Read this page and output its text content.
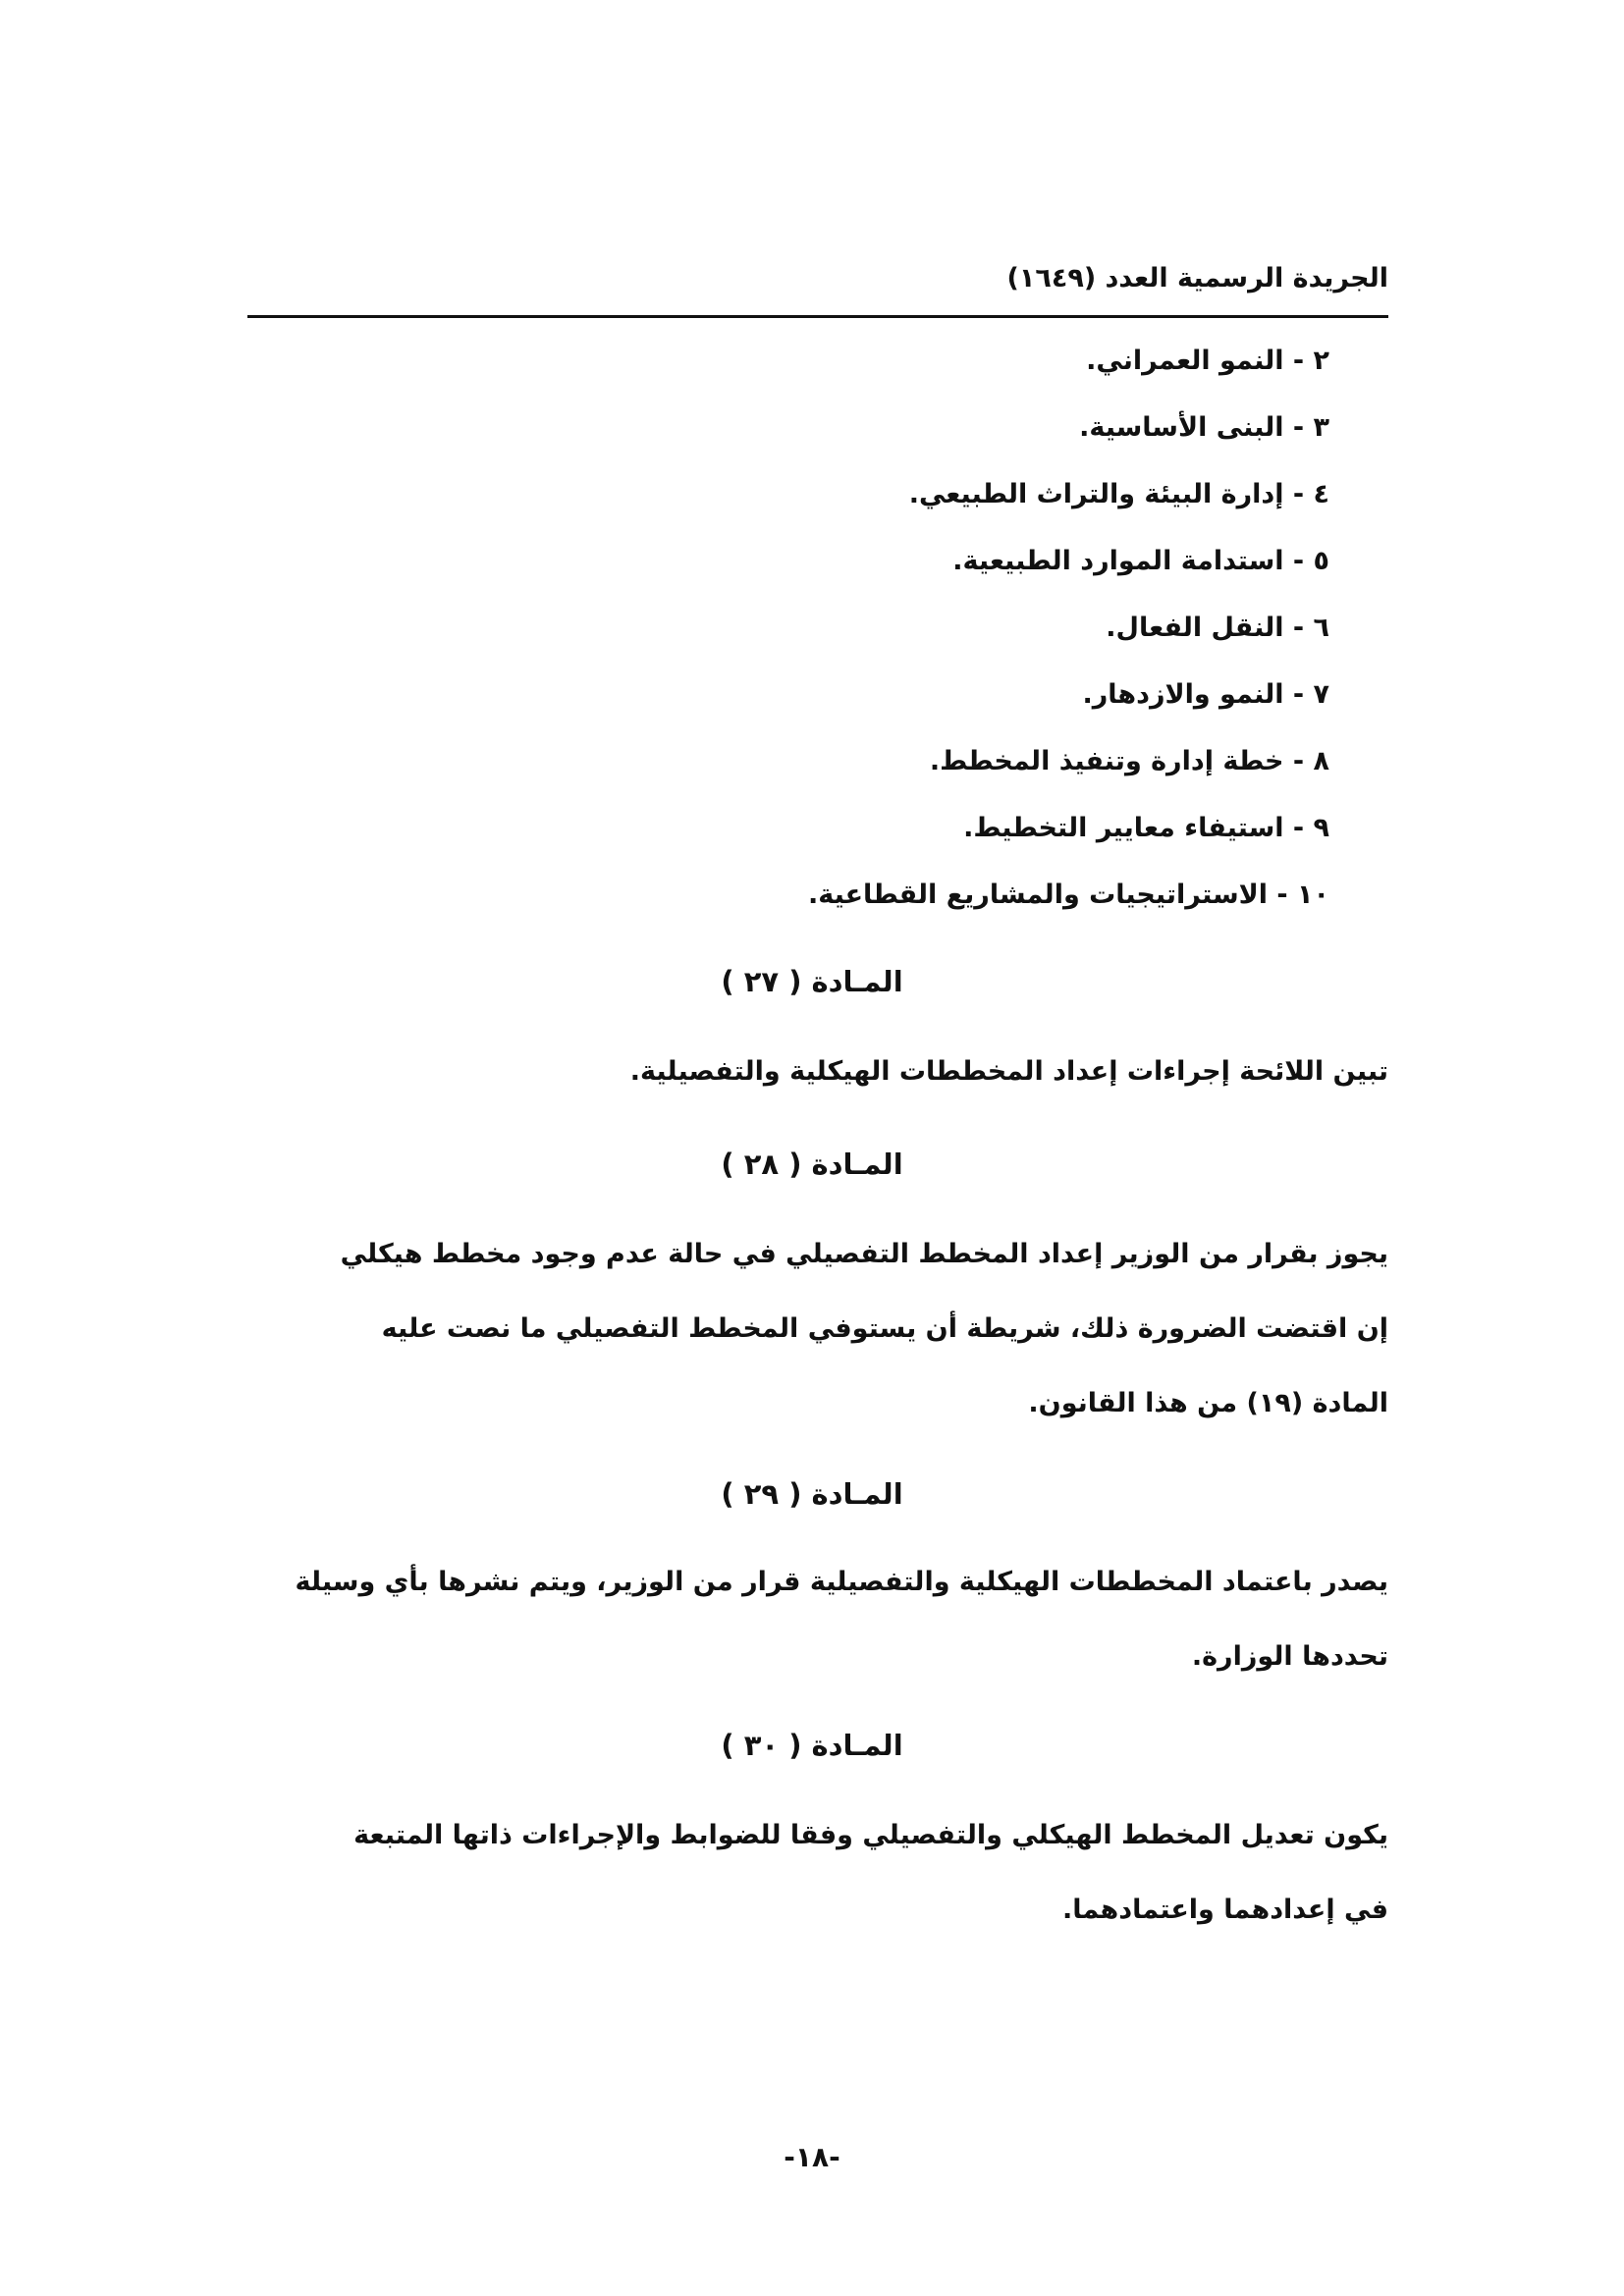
الجريدة الرسمية العدد (١٦٤٩)
٢ - النمو العمراني.
٣ - البنى الأساسية.
٤ - إدارة البيئة والتراث الطبيعي.
٥ - استدامة الموارد الطبيعية.
٦ - النقل الفعال.
٧ - النمو والازدهار.
٨ - خطة إدارة وتنفيذ المخطط.
٩ - استيفاء معايير التخطيط.
١٠ - الاستراتيجيات والمشاريع القطاعية.
المـادة ( ٢٧ )
تبين اللائحة إجراءات إعداد المخططات الهيكلية والتفصيلية.
المـادة ( ٢٨ )
يجوز بقرار من الوزير إعداد المخطط التفصيلي في حالة عدم وجود مخطط هيكلي
إن اقتضت الضرورة ذلك، شريطة أن يستوفي المخطط التفصيلي ما نصت عليه
المادة (١٩) من هذا القانون.
المـادة ( ٢٩ )
يصدر باعتماد المخططات الهيكلية والتفصيلية قرار من الوزير، ويتم نشرها بأي وسيلة
تحددها الوزارة.
المـادة ( ٣٠ )
يكون تعديل المخطط الهيكلي والتفصيلي وفقا للضوابط والإجراءات ذاتها المتبعة
في إعدادهما واعتمادهما.
-١٨-
